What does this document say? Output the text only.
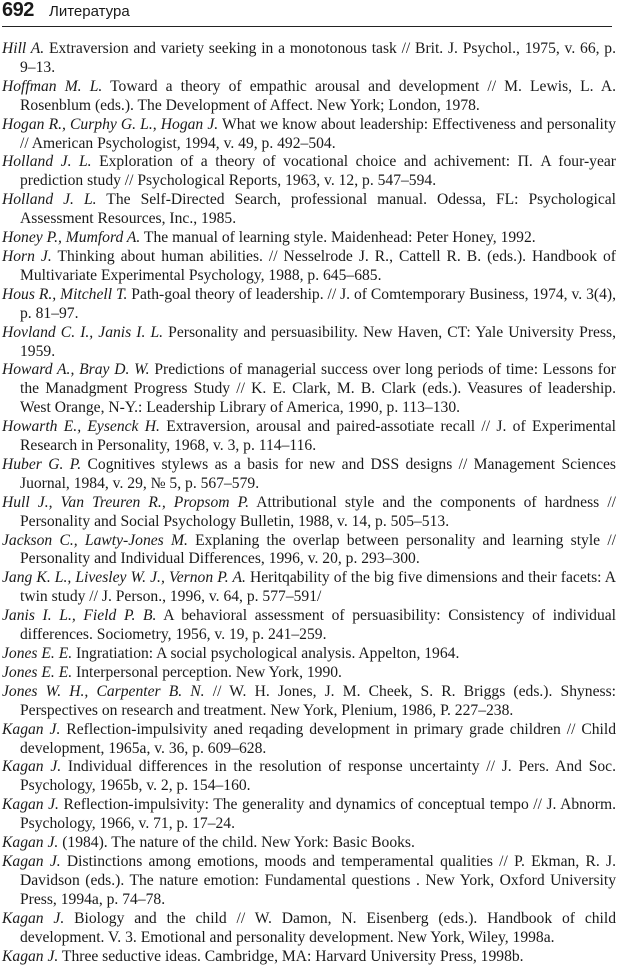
692 Литература

Hill A. Extraversion and variety seeking in a monotonous task // Brit. J. Psychol., 1975, v. 66, p. 9–13.

Hoffman M. L. Toward a theory of empathic arousal and development // M. Lewis, L. A. Rosenblum (eds.). The Development of Affect. New York; London, 1978.

Hogan R., Curphy G. L., Hogan J. What we know about leadership: Effectiveness and personality // American Psychologist, 1994, v. 49, p. 492–504.

Holland J. L. Exploration of a theory of vocational choice and achivement: П. A four-year prediction study // Psychological Reports, 1963, v. 12, p. 547–594.

Holland J. L. The Self-Directed Search, professional manual. Odessa, FL: Psychological Assessment Resources, Inc., 1985.

Honey P., Mumford A. The manual of learning style. Maidenhead: Peter Honey, 1992.

Horn J. Thinking about human abilities. // Nesselrode J. R., Cattell R. B. (eds.). Handbook of Multivariate Experimental Psychology, 1988, p. 645–685.

Hous R., Mitchell T. Path-goal theory of leadership. // J. of Comtemporary Business, 1974, v. 3(4), p. 81–97.

Hovland C. I., Janis I. L. Personality and persuasibility. New Haven, CT: Yale University Press, 1959.

Howard A., Bray D. W. Predictions of managerial success over long periods of time: Lessons for the Manadgment Progress Study // K. E. Clark, M. B. Clark (eds.). Veasures of leadership. West Orange, N-Y.: Leadership Library of America, 1990, p. 113–130.

Howarth E., Eysenck H. Extraversion, arousal and paired-assotiate recall // J. of Experimental Research in Personality, 1968, v. 3, p. 114–116.

Huber G. P. Cognitives stylews as a basis for new and DSS designs // Management Sciences Juornal, 1984, v. 29, № 5, p. 567–579.

Hull J., Van Treuren R., Propsom P. Attributional style and the components of hardness // Personality and Social Psychology Bulletin, 1988, v. 14, p. 505–513.

Jackson C., Lawty-Jones M. Explaning the overlap between personality and learning style // Personality and Individual Differences, 1996, v. 20, p. 293–300.

Jang K. L., Livesley W. J., Vernon P. A. Heritqability of the big five dimensions and their facets: A twin study // J. Person., 1996, v. 64, p. 577–591/

Janis I. L., Field P. B. A behavioral assessment of persuasibility: Consistency of individual differences. Sociometry, 1956, v. 19, p. 241–259.

Jones E. E. Ingratiation: A social psychological analysis. Appelton, 1964.

Jones E. E. Interpersonal perception. New York, 1990.

Jones W. H., Carpenter B. N. // W. H. Jones, J. M. Cheek, S. R. Briggs (eds.). Shyness: Perspectives on research and treatment. New York, Plenium, 1986, P. 227–238.

Kagan J. Reflection-impulsivity aned reqading development in primary grade children // Child development, 1965a, v. 36, p. 609–628.

Kagan J. Individual differences in the resolution of response uncertainty // J. Pers. And Soc. Psychology, 1965b, v. 2, p. 154–160.

Kagan J. Reflection-impulsivity: The generality and dynamics of conceptual tempo // J. Abnorm. Psychology, 1966, v. 71, p. 17–24.

Kagan J. (1984). The nature of the child. New York: Basic Books.

Kagan J. Distinctions among emotions, moods and temperamental qualities // P. Ekman, R. J. Davidson (eds.). The nature emotion: Fundamental questions . New York, Oxford University Press, 1994a, p. 74–78.

Kagan J. Biology and the child // W. Damon, N. Eisenberg (eds.). Handbook of child development. V. 3. Emotional and personality development. New York, Wiley, 1998a.

Kagan J. Three seductive ideas. Cambridge, MA: Harvard University Press, 1998b.
